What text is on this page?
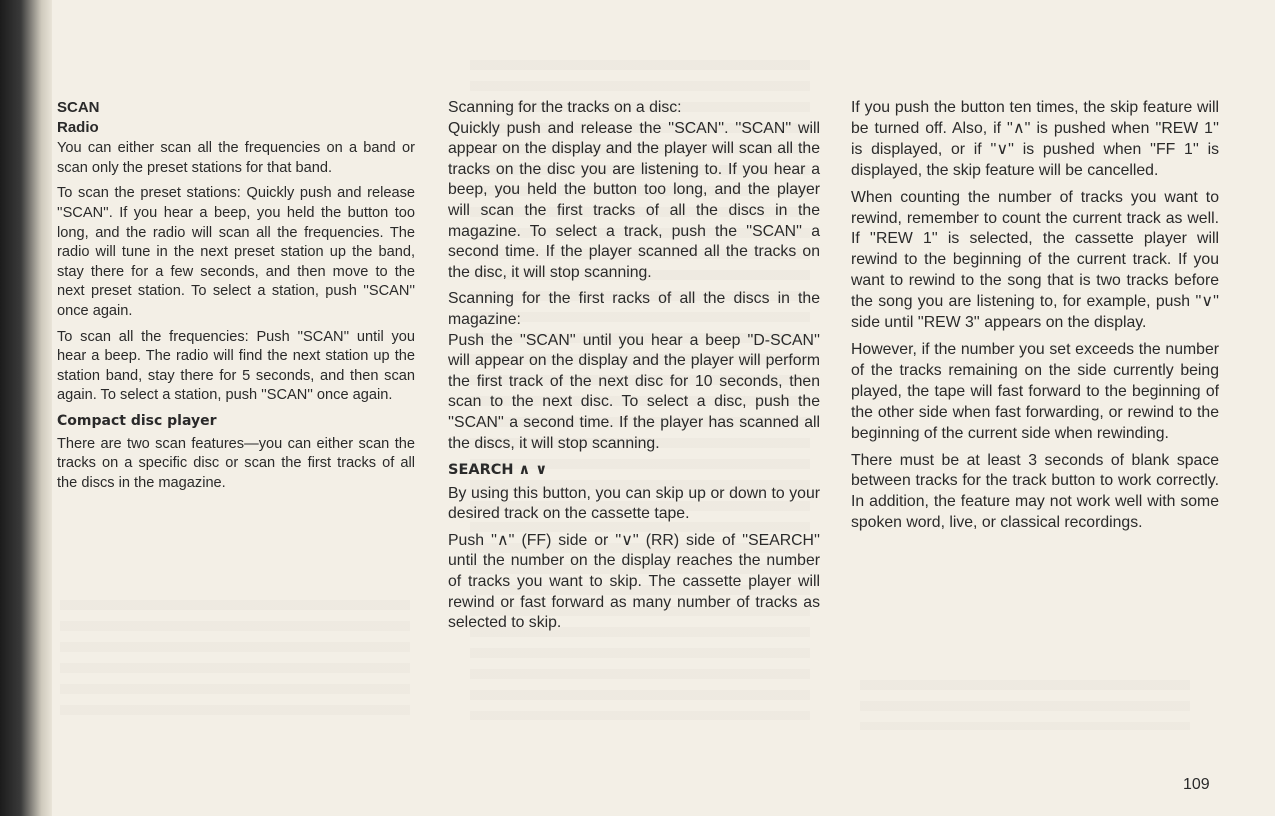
SCAN

Radio

You can either scan all the frequencies on a band or scan only the preset stations for that band.

To scan the preset stations: Quickly push and release ''SCAN''. If you hear a beep, you held the button too long, and the radio will scan all the frequencies. The radio will tune in the next preset station up the band, stay there for a few seconds, and then move to the next preset station. To select a station, push ''SCAN'' once again.

To scan all the frequencies: Push ''SCAN'' until you hear a beep. The radio will find the next station up the station band, stay there for 5 seconds, and then scan again. To select a station, push ''SCAN'' once again.

Compact disc player

There are two scan features—you can either scan the tracks on a specific disc or scan the first tracks of all the discs in the magazine.

Scanning for the tracks on a disc:
Quickly push and release the ''SCAN''. ''SCAN'' will appear on the display and the player will scan all the tracks on the disc you are listening to. If you hear a beep, you held the button too long, and the player will scan the first tracks of all the discs in the magazine. To select a track, push the ''SCAN'' a second time. If the player scanned all the tracks on the disc, it will stop scanning.

Scanning for the first racks of all the discs in the magazine:
Push the ''SCAN'' until you hear a beep ''D-SCAN'' will appear on the display and the player will perform the first track of the next disc for 10 seconds, then scan to the next disc. To select a disc, push the ''SCAN'' a second time. If the player has scanned all the discs, it will stop scanning.

SEARCH ∧ ∨

By using this button, you can skip up or down to your desired track on the cassette tape.

Push ''∧'' (FF) side or ''∨'' (RR) side of ''SEARCH'' until the number on the display reaches the number of tracks you want to skip. The cassette player will rewind or fast forward as many number of tracks as selected to skip.

If you push the button ten times, the skip feature will be turned off. Also, if ''∧'' is pushed when ''REW 1'' is displayed, or if ''∨'' is pushed when ''FF 1'' is displayed, the skip feature will be cancelled.

When counting the number of tracks you want to rewind, remember to count the current track as well. If ''REW 1'' is selected, the cassette player will rewind to the beginning of the current track. If you want to rewind to the song that is two tracks before the song you are listening to, for example, push ''∨'' side until ''REW 3'' appears on the display.

However, if the number you set exceeds the number of the tracks remaining on the side currently being played, the tape will fast forward to the beginning of the other side when fast forwarding, or rewind to the beginning of the current side when rewinding.

There must be at least 3 seconds of blank space between tracks for the track button to work correctly. In addition, the feature may not work well with some spoken word, live, or classical recordings.

109
